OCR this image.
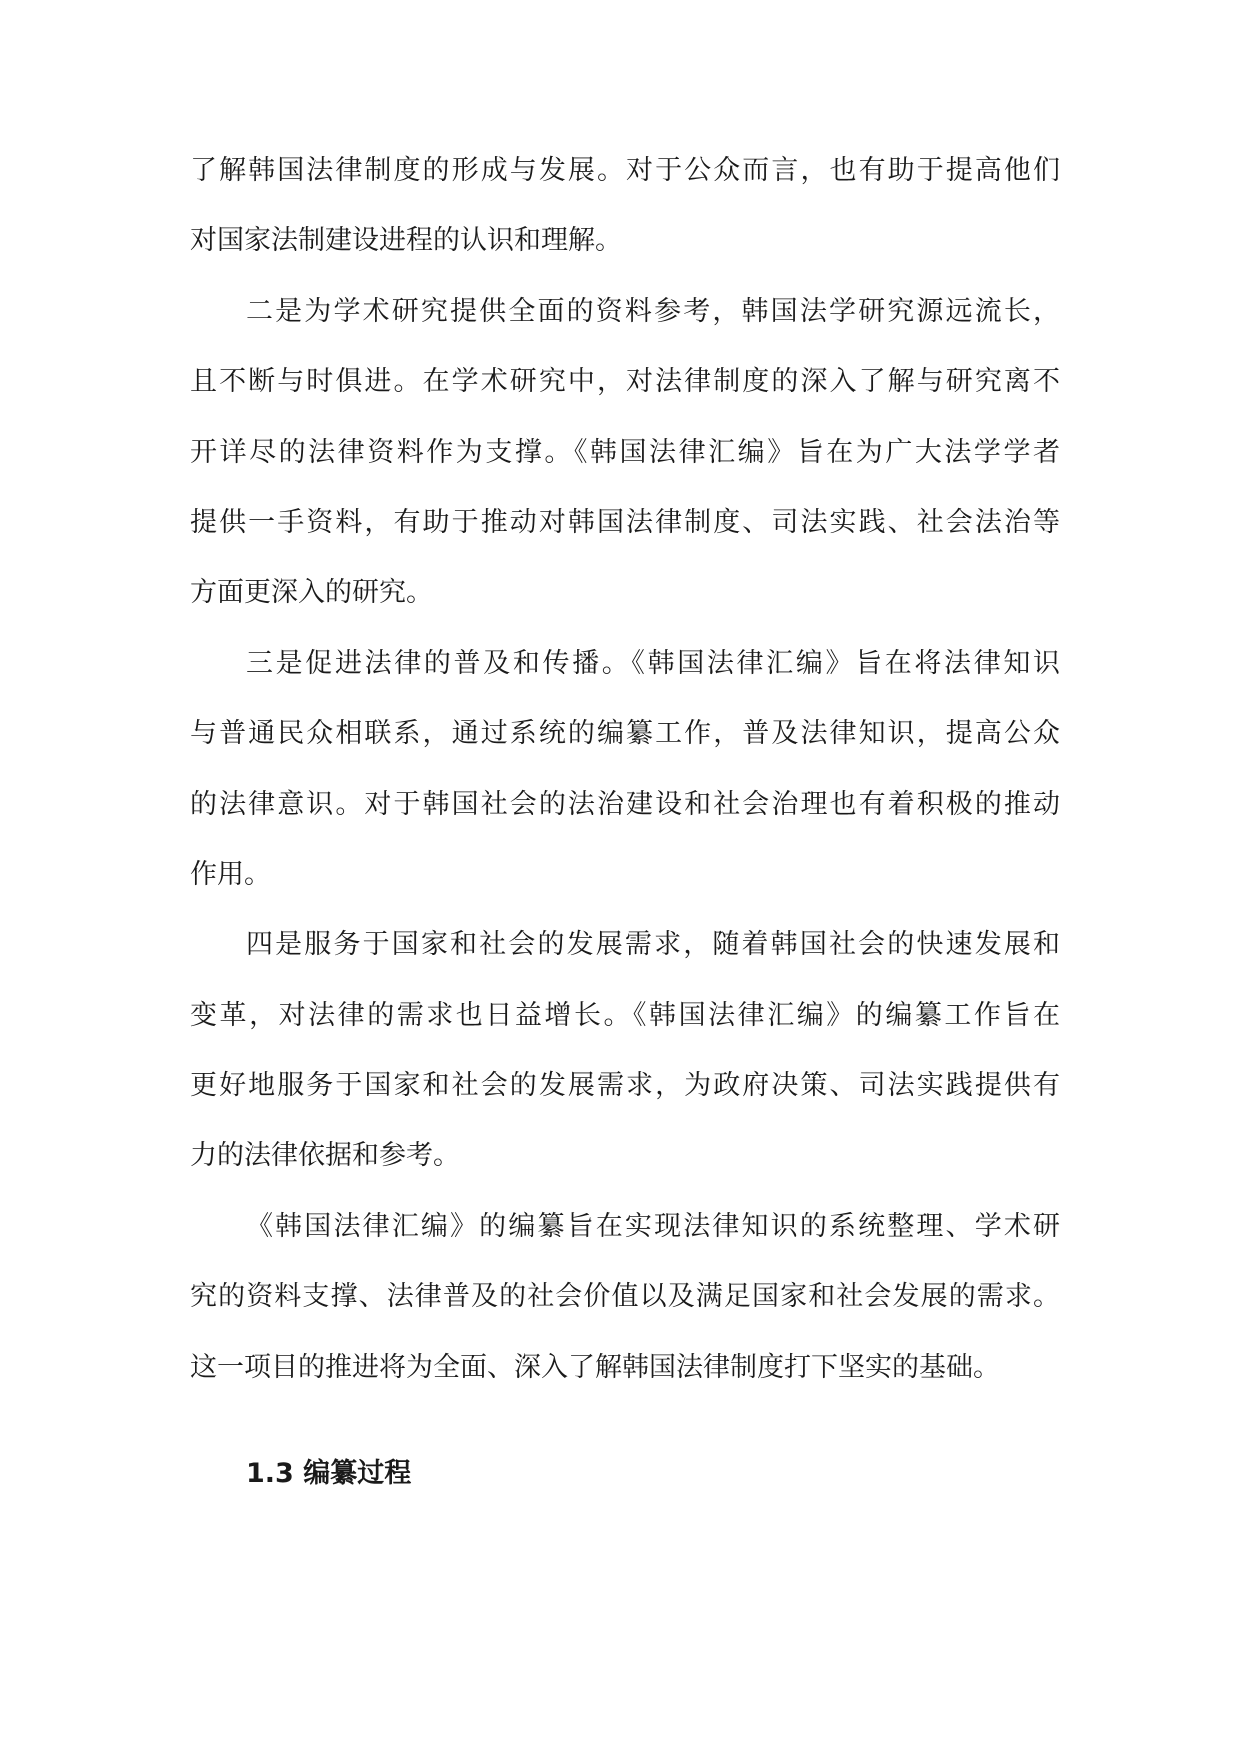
了解韩国法律制度的形成与发展。对于公众而言，也有助于提高他们
对国家法制建设进程的认识和理解。
二是为学术研究提供全面的资料参考，韩国法学研究源远流长，
且不断与时俱进。在学术研究中，对法律制度的深入了解与研究离不
开详尽的法律资料作为支撑。《韩国法律汇编》旨在为广大法学学者
提供一手资料，有助于推动对韩国法律制度、司法实践、社会法治等
方面更深入的研究。
三是促进法律的普及和传播。《韩国法律汇编》旨在将法律知识
与普通民众相联系，通过系统的编纂工作，普及法律知识，提高公众
的法律意识。对于韩国社会的法治建设和社会治理也有着积极的推动
作用。
四是服务于国家和社会的发展需求，随着韩国社会的快速发展和
变革，对法律的需求也日益增长。《韩国法律汇编》的编纂工作旨在
更好地服务于国家和社会的发展需求，为政府决策、司法实践提供有
力的法律依据和参考。
《韩国法律汇编》的编纂旨在实现法律知识的系统整理、学术研
究的资料支撑、法律普及的社会价值以及满足国家和社会发展的需求。
这一项目的推进将为全面、深入了解韩国法律制度打下坚实的基础。
1.3 编纂过程
